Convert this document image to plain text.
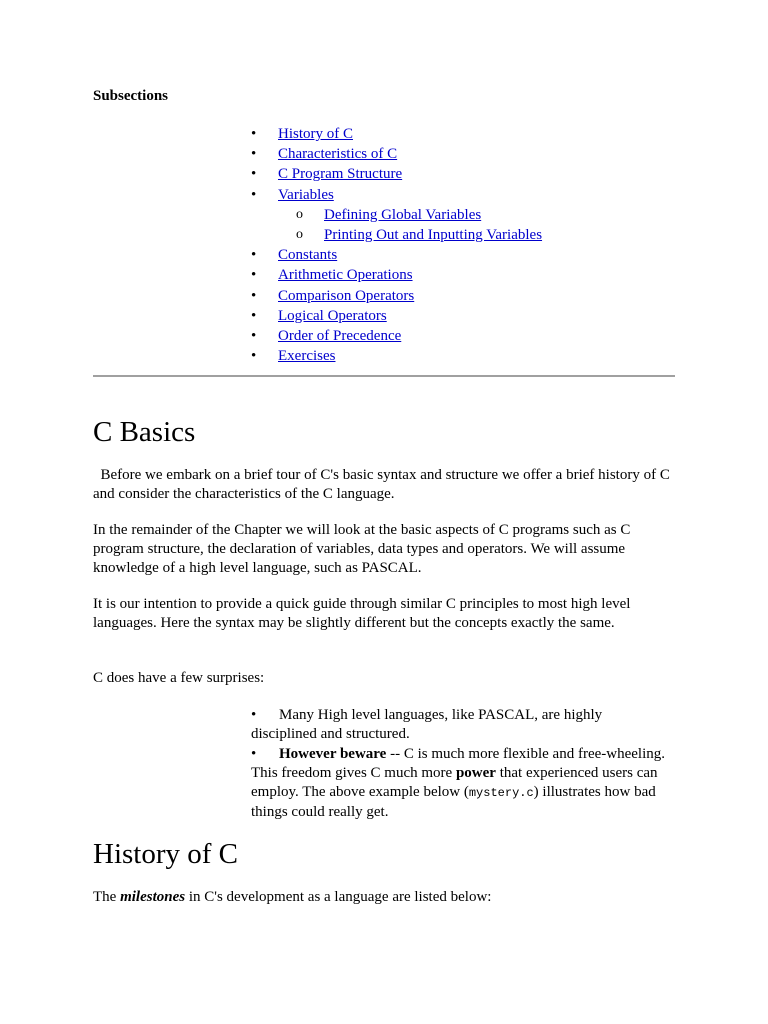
Subsections
• History of C
• Characteristics of C
• C Program Structure
• Variables
o Defining Global Variables
o Printing Out and Inputting Variables
• Constants
• Arithmetic Operations
• Comparison Operators
• Logical Operators
• Order of Precedence
• Exercises
C Basics

Before we embark on a brief tour of C's basic syntax and structure we offer a brief history of C and consider the characteristics of the C language.

In the remainder of the Chapter we will look at the basic aspects of C programs such as C program structure, the declaration of variables, data types and operators. We will assume knowledge of a high level language, such as PASCAL.

It is our intention to provide a quick guide through similar C principles to most high level languages. Here the syntax may be slightly different but the concepts exactly the same.

C does have a few surprises:

• Many High level languages, like PASCAL, are highly disciplined and structured.
• However beware -- C is much more flexible and free-wheeling. This freedom gives C much more power that experienced users can employ. The above example below (mystery.c) illustrates how bad things could really get.
History of C

The milestones in C's development as a language are listed below:
